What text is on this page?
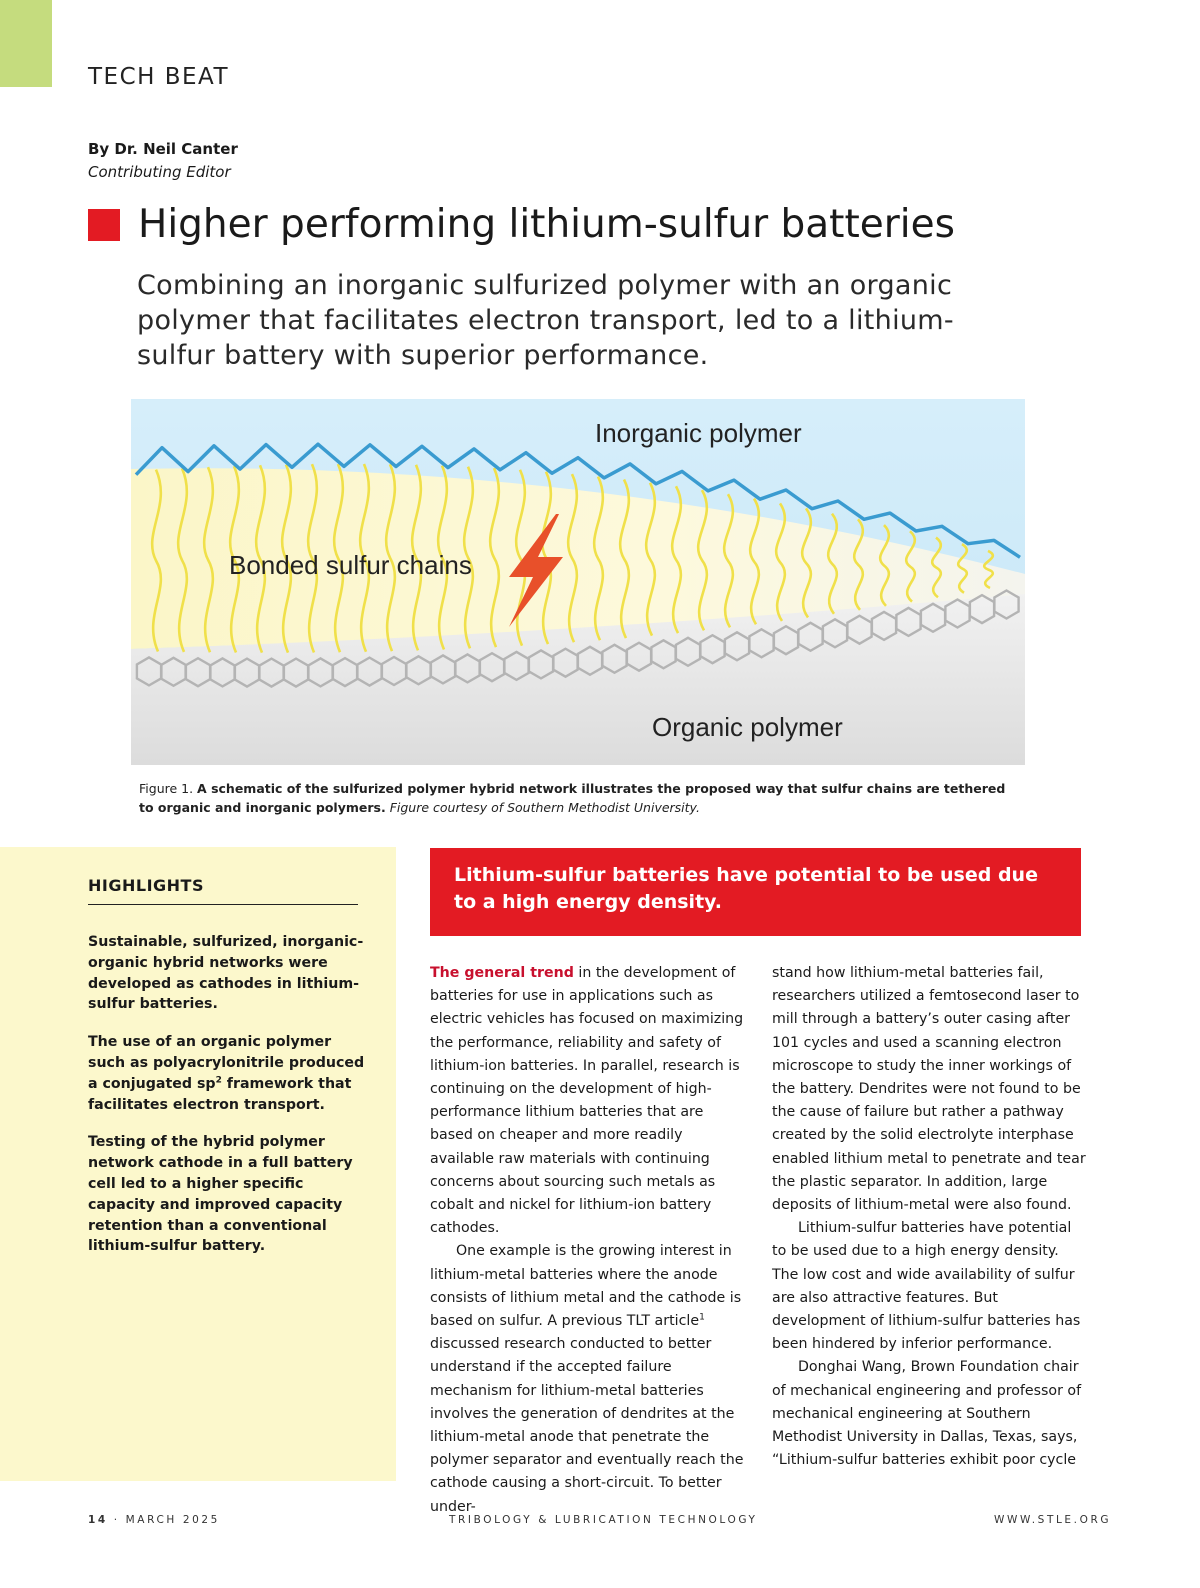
TECH BEAT
By Dr. Neil Canter
Contributing Editor
Higher performing lithium-sulfur batteries
Combining an inorganic sulfurized polymer with an organic polymer that facilitates electron transport, led to a lithium-sulfur battery with superior performance.
Inorganic polymer
Bonded sulfur chains
Organic polymer
Figure 1. A schematic of the sulfurized polymer hybrid network illustrates the proposed way that sulfur chains are tethered to organic and inorganic polymers. Figure courtesy of Southern Methodist University.
HIGHLIGHTS

Sustainable, sulfurized, inorganic-organic hybrid networks were developed as cathodes in lithium-sulfur batteries.

The use of an organic polymer such as polyacrylonitrile produced a conjugated $sp^2$ framework that facilitates electron transport.

Testing of the hybrid polymer network cathode in a full battery cell led to a higher specific capacity and improved capacity retention than a conventional lithium-sulfur battery.

Lithium-sulfur batteries have potential to be used due to a high energy density.

The general trend in the development of batteries for use in applications such as electric vehicles has focused on maximizing the performance, reliability and safety of lithium-ion batteries. In parallel, research is continuing on the development of high-performance lithium batteries that are based on cheaper and more readily available raw materials with continuing concerns about sourcing such metals as cobalt and nickel for lithium-ion battery cathodes.

One example is the growing interest in lithium-metal batteries where the anode consists of lithium metal and the cathode is based on sulfur. A previous TLT article$^1$ discussed research conducted to better understand if the accepted failure mechanism for lithium-metal batteries involves the generation of dendrites at the lithium-metal anode that penetrate the polymer separator and eventually reach the cathode causing a short-circuit. To better under-

stand how lithium-metal batteries fail, researchers utilized a femtosecond laser to mill through a battery’s outer casing after 101 cycles and used a scanning electron microscope to study the inner workings of the battery. Dendrites were not found to be the cause of failure but rather a pathway created by the solid electrolyte interphase enabled lithium metal to penetrate and tear the plastic separator. In addition, large deposits of lithium-metal were also found.

Lithium-sulfur batteries have potential to be used due to a high energy density. The low cost and wide availability of sulfur are also attractive features. But development of lithium-sulfur batteries has been hindered by inferior performance.

Donghai Wang, Brown Foundation chair of mechanical engineering and professor of mechanical engineering at Southern Methodist University in Dallas, Texas, says, “Lithium-sulfur batteries exhibit poor cycle

14 · MARCH 2025	TRIBOLOGY & LUBRICATION TECHNOLOGY	WWW.STLE.ORG
